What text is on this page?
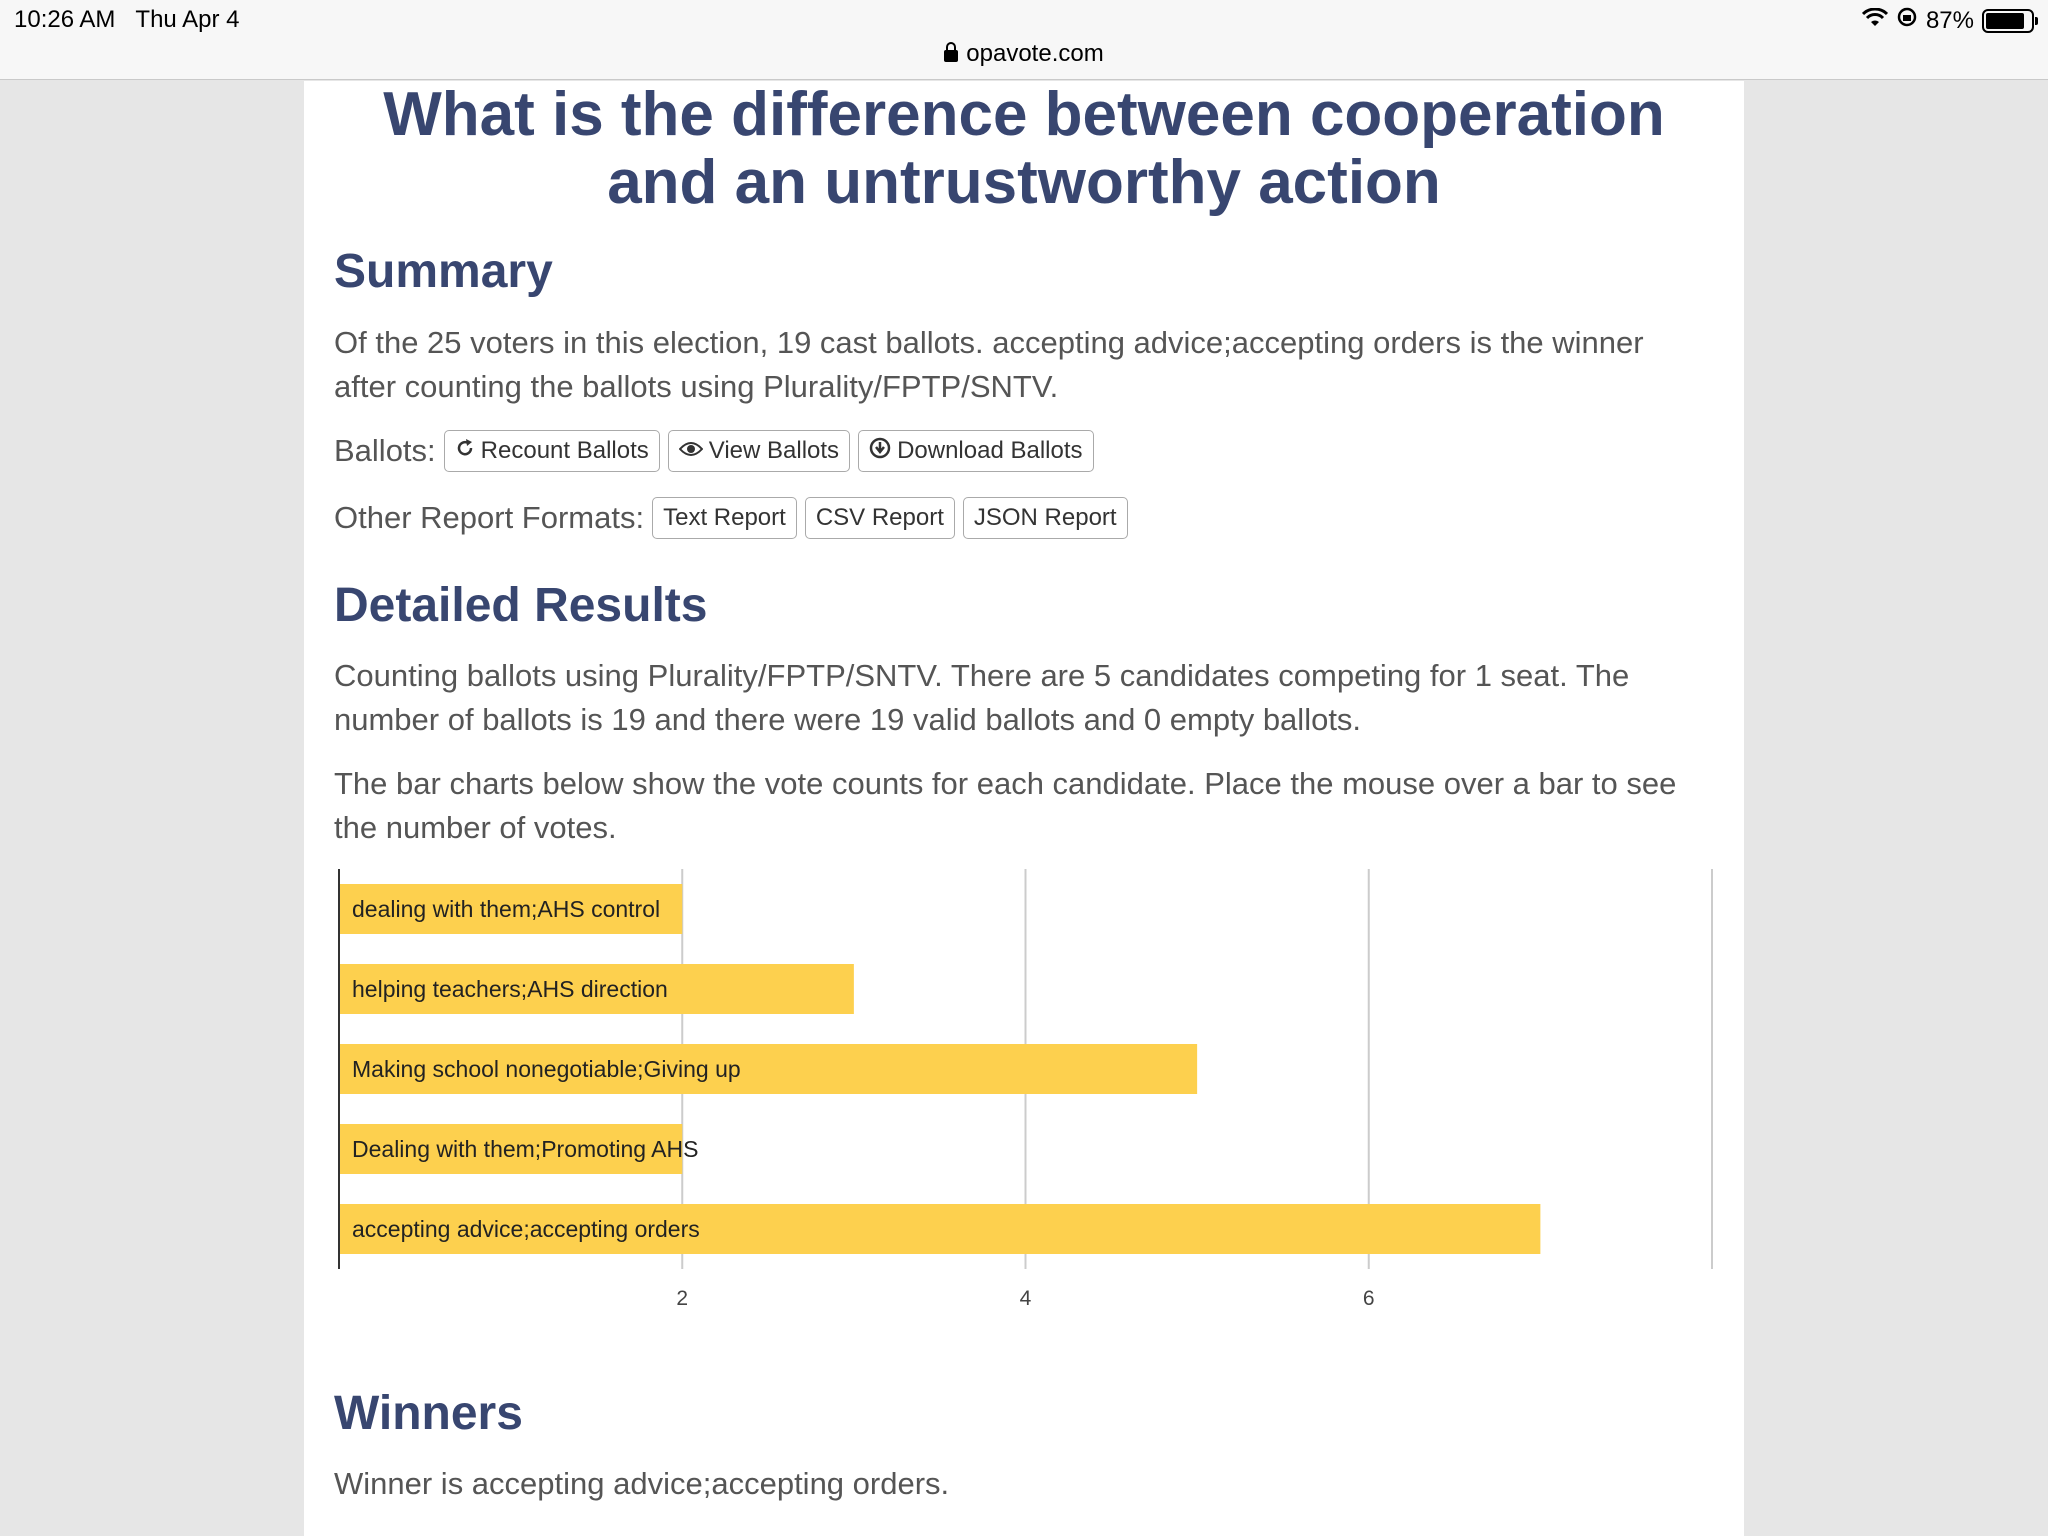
10:26 AM Thu Apr 4	87%
opavote.com
What is the difference between cooperation and an untrustworthy action
Summary

Of the 25 voters in this election, 19 cast ballots. accepting advice;accepting orders is the winner after counting the ballots using Plurality/FPTP/SNTV.

Ballots: Recount Ballots	View Ballots Download Ballots
Other Report Formats: Text Report	CSV Report	JSON Report
Detailed Results

Counting ballots using Plurality/FPTP/SNTV. There are 5 candidates competing for 1 seat. The number of ballots is 19 and there were 19 valid ballots and 0 empty ballots.

The bar charts below show the vote counts for each candidate. Place the mouse over a bar to see the number of votes.

dealing with them;AHS control
helping teachers;AHS direction
Making school nonegotiable;Giving up
Dealing with them;Promoting AHS
accepting advice;accepting orders
2	4	6
Winners

Winner is accepting advice;accepting orders.
